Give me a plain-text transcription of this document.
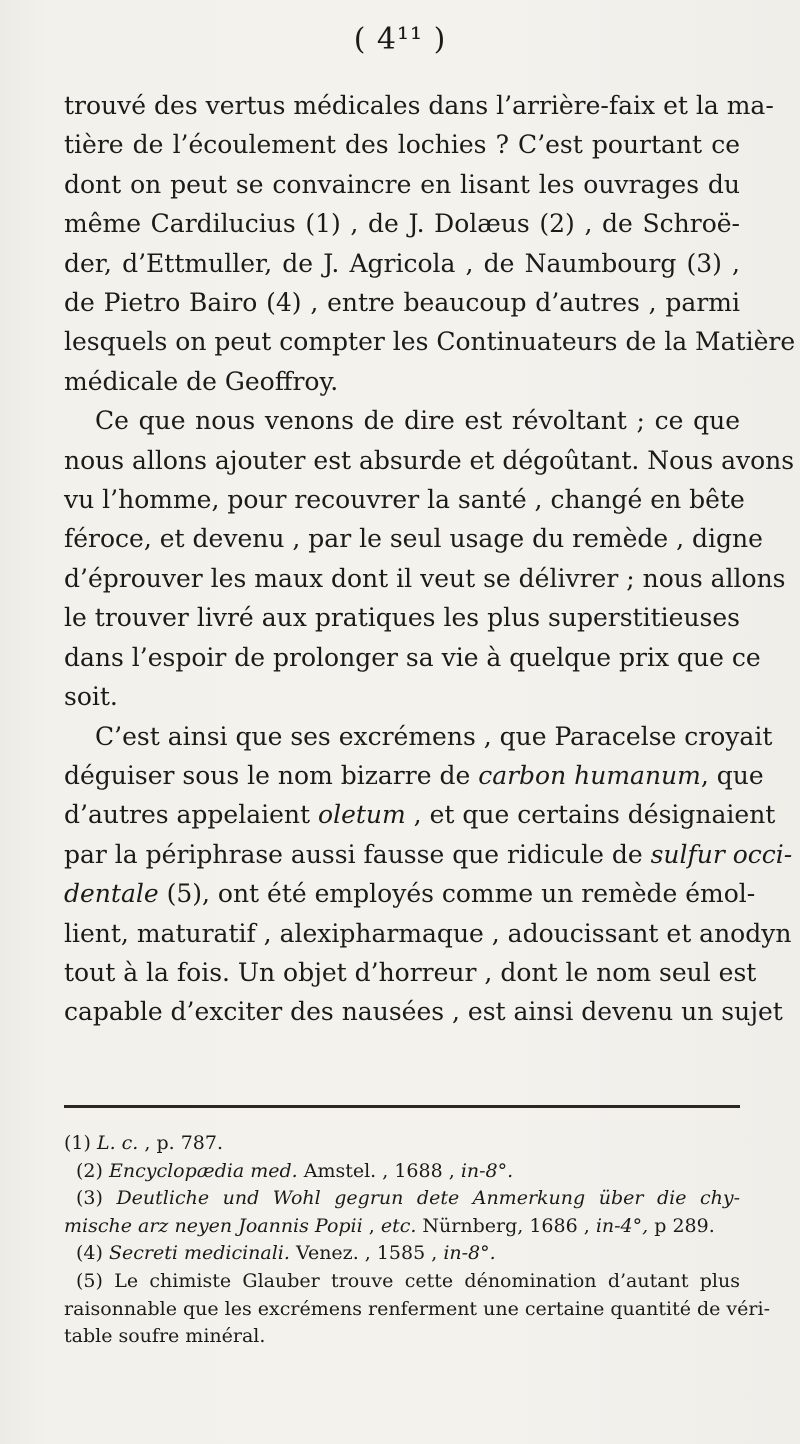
( 4¹¹ )

trouvé des vertus médicales dans l’arrière-faix et la ma-
tière de l’écoulement des lochies ? C’est pourtant ce
dont on peut se convaincre en lisant les ouvrages du
même Cardilucius (1) , de J. Dolæus (2) , de Schroë-
der, d’Ettmuller, de J. Agricola , de Naumbourg (3) ,
de Pietro Bairo (4) , entre beaucoup d’autres , parmi
lesquels on peut compter les Continuateurs de la Matière
médicale de Geoffroy.

Ce que nous venons de dire est révoltant ; ce que
nous allons ajouter est absurde et dégoûtant. Nous avons
vu l’homme, pour recouvrer la santé , changé en bête
féroce, et devenu , par le seul usage du remède , digne
d’éprouver les maux dont il veut se délivrer ; nous allons
le trouver livré aux pratiques les plus superstitieuses
dans l’espoir de prolonger sa vie à quelque prix que ce
soit.

C’est ainsi que ses excrémens , que Paracelse croyait
déguiser sous le nom bizarre de carbon humanum, que
d’autres appelaient oletum , et que certains désignaient
par la périphrase aussi fausse que ridicule de sulfur occi-
dentale (5), ont été employés comme un remède émol-
lient, maturatif , alexipharmaque , adoucissant et anodyn
tout à la fois. Un objet d’horreur , dont le nom seul est
capable d’exciter des nausées , est ainsi devenu un sujet

(1) L. c. , p. 787.
(2) Encyclopædia med. Amstel. , 1688 , in-8°.
(3) Deutliche und Wohl gegrun dete Anmerkung über die chy-
mische arz neyen Joannis Popii , etc. Nürnberg, 1686 , in-4°, p 289.
(4) Secreti medicinali. Venez. , 1585 , in-8°.
(5) Le chimiste Glauber trouve cette dénomination d’autant plus
raisonnable que les excrémens renferment une certaine quantité de véri-
table soufre minéral.
